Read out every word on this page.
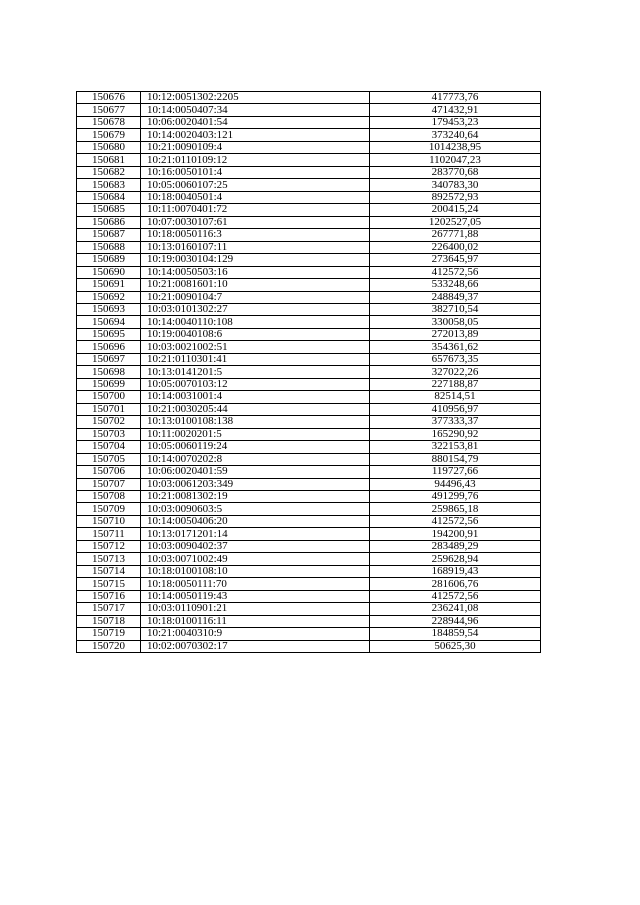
150676	10:12:0051302:2205	417773,76
150677	10:14:0050407:34	471432,91
150678	10:06:0020401:54	179453,23
150679	10:14:0020403:121	373240,64
150680	10:21:0090109:4	1014238,95
150681	10:21:0110109:12	1102047,23
150682	10:16:0050101:4	283770,68
150683	10:05:0060107:25	340783,30
150684	10:18:0040501:4	892572,93
150685	10:11:0070401:72	200415,24
150686	10:07:0030107:61	1202527,05
150687	10:18:0050116:3	267771,88
150688	10:13:0160107:11	226400,02
150689	10:19:0030104:129	273645,97
150690	10:14:0050503:16	412572,56
150691	10:21:0081601:10	533248,66
150692	10:21:0090104:7	248849,37
150693	10:03:0101302:27	382710,54
150694	10:14:0040110:108	330058,05
150695	10:19:0040108:6	272013,89
150696	10:03:0021002:51	354361,62
150697	10:21:0110301:41	657673,35
150698	10:13:0141201:5	327022,26
150699	10:05:0070103:12	227188,87
150700	10:14:0031001:4	82514,51
150701	10:21:0030205:44	410956,97
150702	10:13:0100108:138	377333,37
150703	10:11:0020201:5	165290,92
150704	10:05:0060119:24	322153,81
150705	10:14:0070202:8	880154,79
150706	10:06:0020401:59	119727,66
150707	10:03:0061203:349	94496,43
150708	10:21:0081302:19	491299,76
150709	10:03:0090603:5	259865,18
150710	10:14:0050406:20	412572,56
150711	10:13:0171201:14	194200,91
150712	10:03:0090402:37	283489,29
150713	10:03:0071002:49	259628,94
150714	10:18:0100108:10	168919,43
150715	10:18:0050111:70	281606,76
150716	10:14:0050119:43	412572,56
150717	10:03:0110901:21	236241,08
150718	10:18:0100116:11	228944,96
150719	10:21:0040310:9	184859,54
150720	10:02:0070302:17	50625,30
